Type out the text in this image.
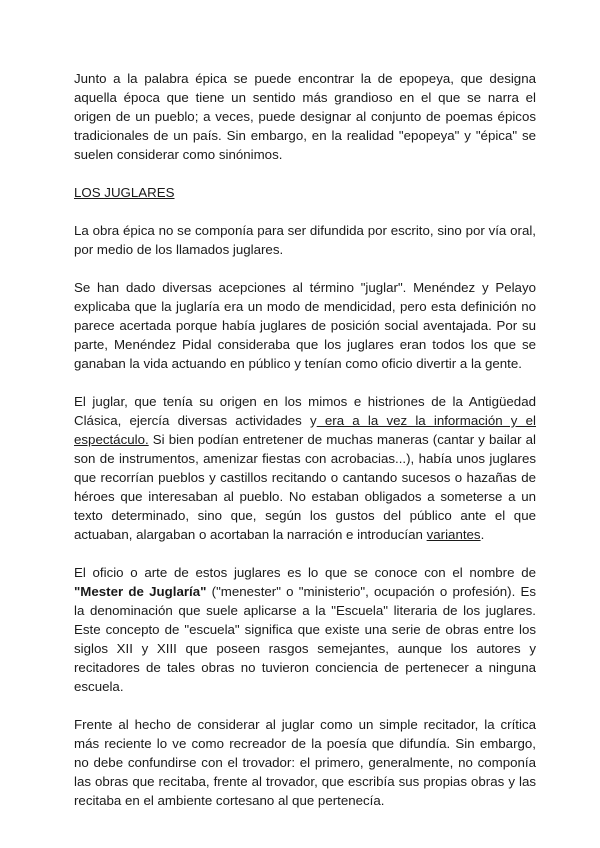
Junto a la palabra épica se puede encontrar la de epopeya, que designa aquella época que tiene un sentido más grandioso en el que se narra el origen de un pueblo; a veces, puede designar al conjunto de poemas épicos tradicionales de un país. Sin embargo, en la realidad "epopeya" y "épica" se suelen considerar como sinónimos.

LOS JUGLARES

La obra épica no se componía para ser difundida por escrito, sino por vía oral, por medio de los llamados juglares.

Se han dado diversas acepciones al término "juglar". Menéndez y Pelayo explicaba que la juglaría era un modo de mendicidad, pero esta definición no parece acertada porque había juglares de posición social aventajada. Por su parte, Menéndez Pidal consideraba que los juglares eran todos los que se ganaban la vida actuando en público y tenían como oficio divertir a la gente.

El juglar, que tenía su origen en los mimos e histriones de la Antigüedad Clásica, ejercía diversas actividades y era a la vez la información y el espectáculo. Si bien podían entretener de muchas maneras (cantar y bailar al son de instrumentos, amenizar fiestas con acrobacias...), había unos juglares que recorrían pueblos y castillos recitando o cantando sucesos o hazañas de héroes que interesaban al pueblo. No estaban obligados a someterse a un texto determinado, sino que, según los gustos del público ante el que actuaban, alargaban o acortaban la narración e introducían variantes.

El oficio o arte de estos juglares es lo que se conoce con el nombre de "Mester de Juglaría" ("menester" o "ministerio", ocupación o profesión). Es la denominación que suele aplicarse a la "Escuela" literaria de los juglares. Este concepto de "escuela" significa que existe una serie de obras entre los siglos XII y XIII que poseen rasgos semejantes, aunque los autores y recitadores de tales obras no tuvieron conciencia de pertenecer a ninguna escuela.

Frente al hecho de considerar al juglar como un simple recitador, la crítica más reciente lo ve como recreador de la poesía que difundía. Sin embargo, no debe confundirse con el trovador: el primero, generalmente, no componía las obras que recitaba, frente al trovador, que escribía sus propias obras y las recitaba en el ambiente cortesano al que pertenecía.
